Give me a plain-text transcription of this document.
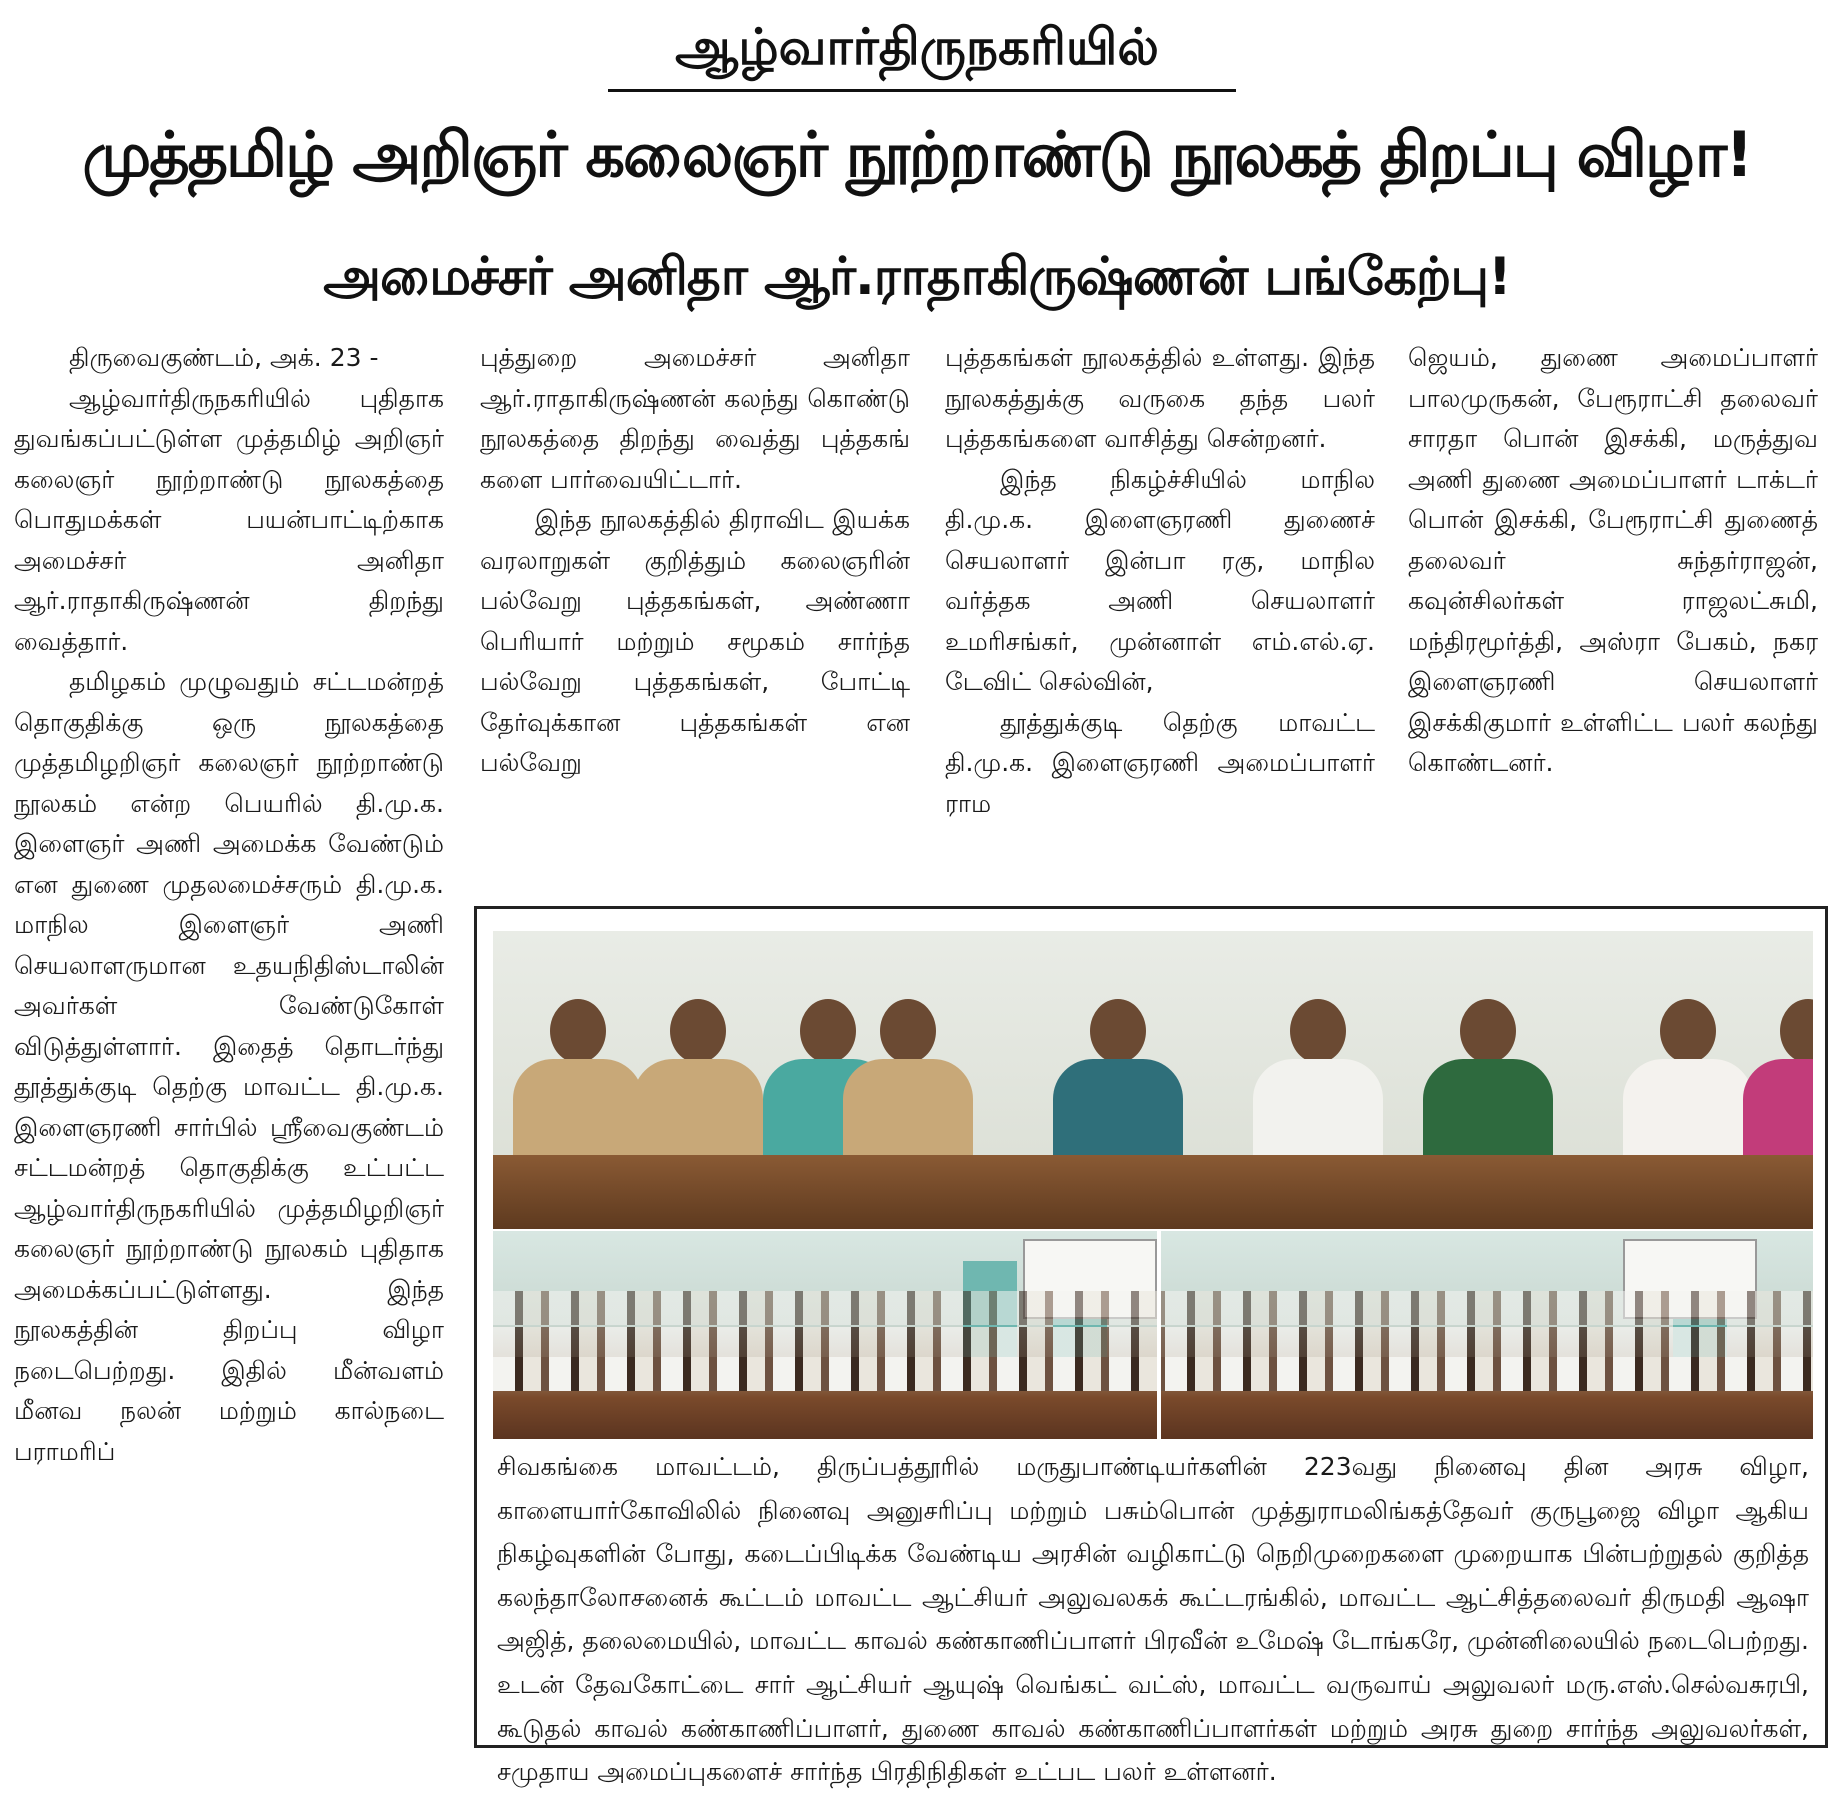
ஆழ்வார்திருநகரியில்
முத்தமிழ் அறிஞர் கலைஞர் நூற்றாண்டு நூலகத் திறப்பு விழா!
அமைச்சர் அனிதா ஆர்.ராதாகிருஷ்ணன் பங்கேற்பு!

திருவைகுண்டம், அக். 23 -

ஆழ்வார்திருநகரியில் புதிதாக துவங்கப்பட்டுள்ள முத்தமிழ் அறிஞர் கலைஞர் நூற்றாண்டு நூலகத்தை பொதுமக்கள் பயன்பாட்டிற்காக அமைச்சர் அனிதா ஆர்.ராதாகிருஷ்ணன் திறந்து வைத்தார்.

தமிழகம் முழுவதும் சட்டமன்றத் தொகுதிக்கு ஒரு நூலகத்தை முத்தமிழறிஞர் கலைஞர் நூற்றாண்டு நூலகம் என்ற பெயரில் தி.மு.க. இளைஞர் அணி அமைக்க வேண்டும் என துணை முதலமைச்சரும் தி.மு.க. மாநில இளைஞர் அணி செயலாளருமான உதயநிதிஸ்டாலின் அவர்கள் வேண்டுகோள் விடுத்துள்ளார். இதைத் தொடர்ந்து தூத்துக்குடி தெற்கு மாவட்ட தி.மு.க. இளைஞரணி சார்பில் ஸ்ரீவைகுண்டம் சட்டமன்றத் தொகுதிக்கு உட்பட்ட ஆழ்வார்திருநகரியில் முத்தமிழறிஞர் கலைஞர் நூற்றாண்டு நூலகம் புதிதாக அமைக்கப்பட்டுள்ளது. இந்த நூலகத்தின் திறப்பு விழா நடைபெற்றது. இதில் மீன்வளம் மீனவ நலன் மற்றும் கால்நடை பராமரிப்

புத்துறை அமைச்சர் அனிதா ஆர்.ராதாகிருஷ்ணன் கலந்து கொண்டு நூலகத்தை திறந்து வைத்து புத்தகங் களை பார்வையிட்டார்.

இந்த நூலகத்தில் திராவிட இயக்க வரலாறுகள் குறித்தும் கலைஞரின் பல்வேறு புத்தகங்கள், அண்ணா பெரியார் மற்றும் சமூகம் சார்ந்த பல்வேறு புத்தகங்கள், போட்டி தேர்வுக்கான புத்தகங்கள் என பல்வேறு

புத்தகங்கள் நூலகத்தில் உள்ளது. இந்த நூலகத்துக்கு வருகை தந்த பலர் புத்தகங்களை வாசித்து சென்றனர்.

இந்த நிகழ்ச்சியில் மாநில தி.மு.க. இளைஞரணி துணைச் செயலாளர் இன்பா ரகு, மாநில வர்த்தக அணி செயலாளர் உமரிசங்கர், முன்னாள் எம்.எல்.ஏ. டேவிட் செல்வின்,

தூத்துக்குடி தெற்கு மாவட்ட தி.மு.க. இளைஞரணி அமைப்பாளர் ராம

ஜெயம், துணை அமைப்பாளர் பாலமுருகன், பேரூராட்சி தலைவர் சாரதா பொன் இசக்கி, மருத்துவ அணி துணை அமைப்பாளர் டாக்டர் பொன் இசக்கி, பேரூராட்சி துணைத் தலைவர் சுந்தர்ராஜன், கவுன்சிலர்கள் ராஜலட்சுமி, மந்திரமூர்த்தி, அஸ்ரா பேகம், நகர இளைஞரணி செயலாளர் இசக்கிகுமார் உள்ளிட்ட பலர் கலந்து கொண்டனர்.

சிவகங்கை மாவட்டம், திருப்பத்தூரில் மருதுபாண்டியர்களின் 223வது நினைவு தின அரசு விழா, காளையார்கோவிலில் நினைவு அனுசரிப்பு மற்றும் பசும்பொன் முத்துராமலிங்கத்தேவர் குருபூஜை விழா ஆகிய நிகழ்வுகளின் போது, கடைப்பிடிக்க வேண்டிய அரசின் வழிகாட்டு நெறிமுறைகளை முறையாக பின்பற்றுதல் குறித்த கலந்தாலோசனைக் கூட்டம் மாவட்ட ஆட்சியர் அலுவலகக் கூட்டரங்கில், மாவட்ட ஆட்சித்தலைவர் திருமதி ஆஷா அஜித், தலைமையில், மாவட்ட காவல் கண்காணிப்பாளர் பிரவீன் உமேஷ் டோங்கரே, முன்னிலையில் நடைபெற்றது. உடன் தேவகோட்டை சார் ஆட்சியர் ஆயுஷ் வெங்கட் வட்ஸ், மாவட்ட வருவாய் அலுவலர் மரு.எஸ்.செல்வசுரபி, கூடுதல் காவல் கண்காணிப்பாளர், துணை காவல் கண்காணிப்பாளர்கள் மற்றும் அரசு துறை சார்ந்த அலுவலர்கள், சமுதாய அமைப்புகளைச் சார்ந்த பிரதிநிதிகள் உட்பட பலர் உள்ளனர்.
